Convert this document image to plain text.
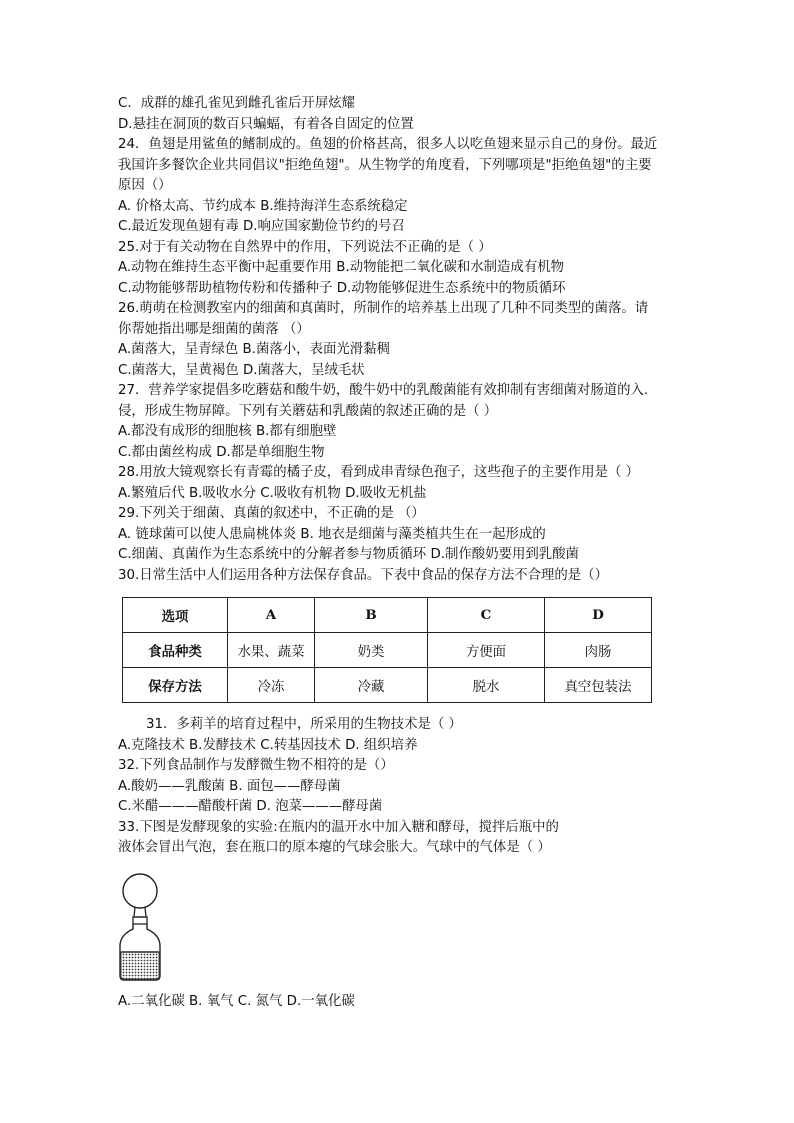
C．成群的雄孔雀见到雌孔雀后开屏炫耀
D.悬挂在洞顶的数百只蝙蝠，有着各自固定的位置
24．鱼翅是用鲨鱼的鳍制成的。鱼翅的价格甚高，很多人以吃鱼翅来显示自己的身份。最近
我国许多餐饮企业共同倡议"拒绝鱼翅"。从生物学的角度看，下列哪项是"拒绝鱼翅"的主要
原因（）
A. 价格太高、节约成本 B.维持海洋生态系统稳定
C.最近发现鱼翅有毒 D.响应国家勤俭节约的号召
25.对于有关动物在自然界中的作用，下列说法不正确的是（ ）
A.动物在维持生态平衡中起重要作用 B.动物能把二氧化碳和水制造成有机物
C.动物能够帮助植物传粉和传播种子 D.动物能够促进生态系统中的物质循环
26.萌萌在检测教室内的细菌和真菌时，所制作的培养基上出现了几种不同类型的菌落。请
你帮她指出哪是细菌的菌落 （）
A.菌落大，呈青绿色 B.菌落小，表面光滑黏稠
C.菌落大，呈黄褐色 D.菌落大，呈绒毛状
27．营养学家提倡多吃蘑菇和酸牛奶，酸牛奶中的乳酸菌能有效抑制有害细菌对肠道的入.
侵，形成生物屏障。下列有关蘑菇和乳酸菌的叙述正确的是（ ）
A.都没有成形的细胞核 B.都有细胞壁
C.都由菌丝构成 D.都是单细胞生物
28.用放大镜观察长有青霉的橘子皮，看到成串青绿色孢子，这些孢子的主要作用是（ ）
A.繁殖后代 B.吸收水分 C.吸收有机物 D.吸收无机盐
29.下列关于细菌、真菌的叙述中，不正确的是 （）
A. 链球菌可以使人患扁桃体炎 B. 地衣是细菌与藻类植共生在一起形成的
C.细菌、真菌作为生态系统中的分解者参与物质循环 D.制作酸奶要用到乳酸菌
30.日常生活中人们运用各种方法保存食品。下表中食品的保存方法不合理的是（）
选项	A	B	C	D
食品种类	水果、蔬菜	奶类	方便面	肉肠
保存方法	冷冻	冷藏	脱水	真空包装法
31．多莉羊的培育过程中，所采用的生物技术是（ ）
A.克隆技术 B.发酵技术 C.转基因技术 D. 组织培养
32.下列食品制作与发酵微生物不相符的是（）
A.酸奶——乳酸菌 B. 面包——酵母菌
C.米醋———醋酸杆菌 D. 泡菜———酵母菌
33.下图是发酵现象的实验:在瓶内的温开水中加入糖和酵母，搅拌后瓶中的
液体会冒出气泡，套在瓶口的原本瘪的气球会胀大。气球中的气体是（ ）
A.二氧化碳 B. 氧气 C. 氮气 D.一氧化碳
